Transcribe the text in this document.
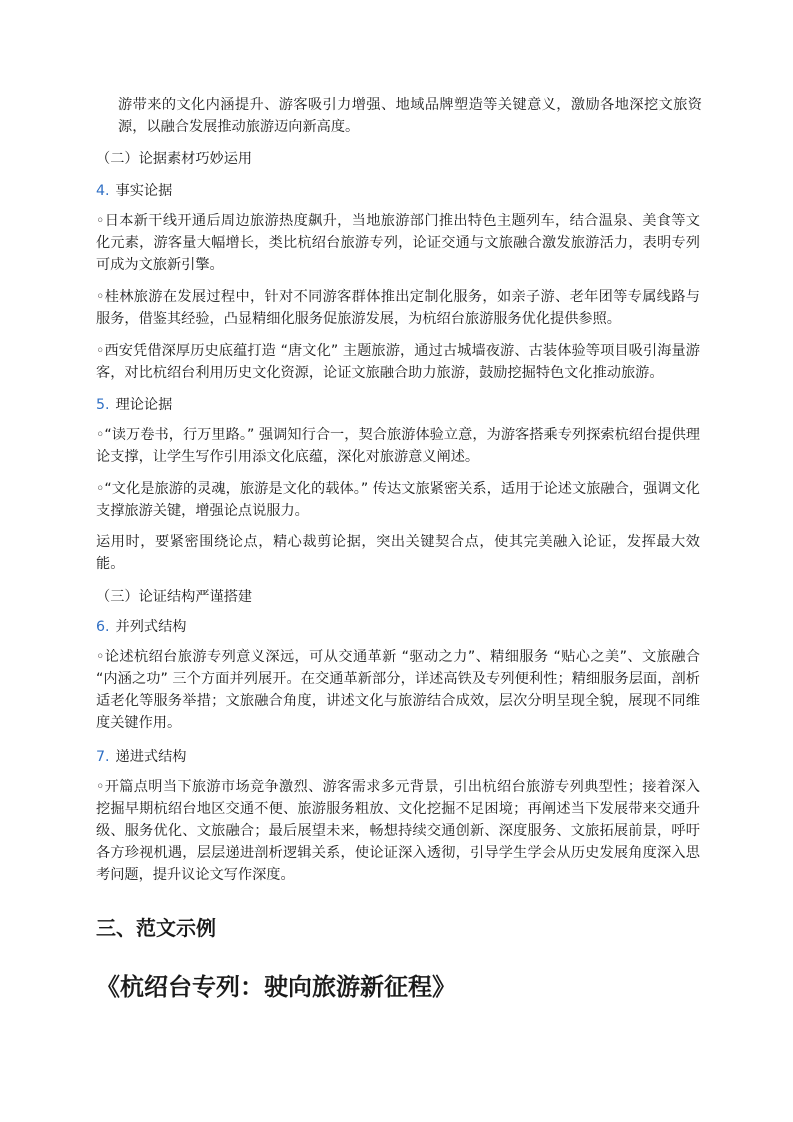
游带来的文化内涵提升、游客吸引力增强、地域品牌塑造等关键意义，激励各地深挖文旅资源，以融合发展推动旅游迈向新高度。

（二）论据素材巧妙运用

4. 事实论据

◦日本新干线开通后周边旅游热度飙升，当地旅游部门推出特色主题列车，结合温泉、美食等文化元素，游客量大幅增长，类比杭绍台旅游专列，论证交通与文旅融合激发旅游活力，表明专列可成为文旅新引擎。

◦桂林旅游在发展过程中，针对不同游客群体推出定制化服务，如亲子游、老年团等专属线路与服务，借鉴其经验，凸显精细化服务促旅游发展，为杭绍台旅游服务优化提供参照。

◦西安凭借深厚历史底蕴打造 “唐文化” 主题旅游，通过古城墙夜游、古装体验等项目吸引海量游客，对比杭绍台利用历史文化资源，论证文旅融合助力旅游，鼓励挖掘特色文化推动旅游。

5. 理论论据

◦“读万卷书，行万里路。” 强调知行合一，契合旅游体验立意，为游客搭乘专列探索杭绍台提供理论支撑，让学生写作引用添文化底蕴，深化对旅游意义阐述。

◦“文化是旅游的灵魂，旅游是文化的载体。” 传达文旅紧密关系，适用于论述文旅融合，强调文化支撑旅游关键，增强论点说服力。

运用时，要紧密围绕论点，精心裁剪论据，突出关键契合点，使其完美融入论证，发挥最大效能。

（三）论证结构严谨搭建

6. 并列式结构

◦论述杭绍台旅游专列意义深远，可从交通革新 “驱动之力”、精细服务 “贴心之美”、文旅融合 “内涵之功” 三个方面并列展开。在交通革新部分，详述高铁及专列便利性；精细服务层面，剖析适老化等服务举措；文旅融合角度，讲述文化与旅游结合成效，层次分明呈现全貌，展现不同维度关键作用。

7. 递进式结构

◦开篇点明当下旅游市场竞争激烈、游客需求多元背景，引出杭绍台旅游专列典型性；接着深入挖掘早期杭绍台地区交通不便、旅游服务粗放、文化挖掘不足困境；再阐述当下发展带来交通升级、服务优化、文旅融合；最后展望未来，畅想持续交通创新、深度服务、文旅拓展前景，呼吁各方珍视机遇，层层递进剖析逻辑关系，使论证深入透彻，引导学生学会从历史发展角度深入思考问题，提升议论文写作深度。

三、范文示例
《杭绍台专列：驶向旅游新征程》
